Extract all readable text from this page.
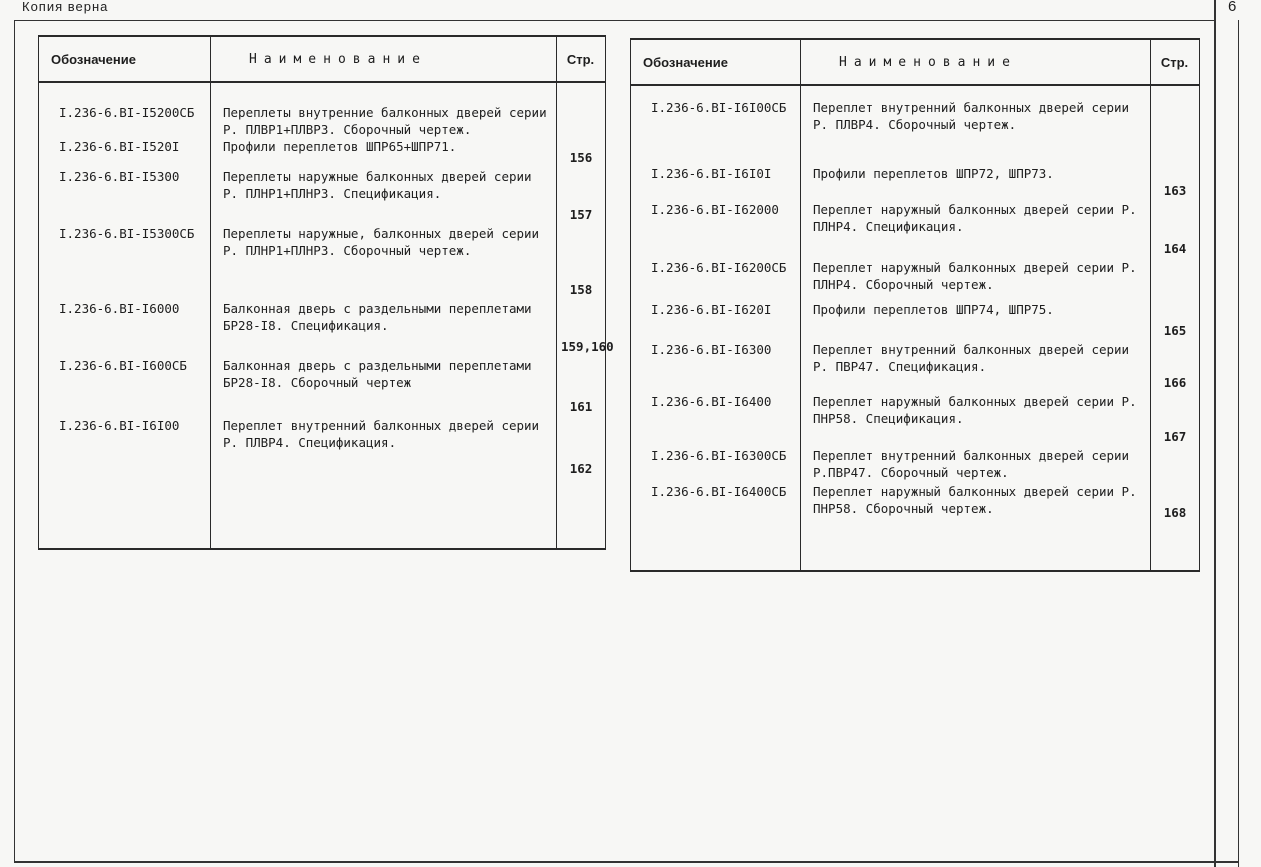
Копия верна	6
Обозначение	Наименование	Стр.

I.236-6.BI-I5200СБ	Переплеты внутренние балконных дверей серии Р. ПЛВР1+ПЛВР3. Сборочный чертеж.	
I.236-6.BI-I520I	Профили переплетов ШПР65+ШПР71.	156
I.236-6.BI-I5300	Переплеты наружные балконных дверей серии Р. ПЛНР1+ПЛНР3. Спецификация.	157
I.236-6.BI-I5300СБ	Переплеты наружные, балконных дверей серии Р. ПЛНР1+ПЛНР3. Сборочный чертеж.	158
I.236-6.BI-I6000	Балконная дверь с раздельными переплетами БР28-I8. Спецификация.	159,160
I.236-6.BI-I600СБ	Балконная дверь с раздельными переплетами БР28-I8. Сборочный чертеж	161
I.236-6.BI-I6I00	Переплет внутренний балконных дверей серии Р. ПЛВР4. Спецификация.	162

Обозначение	Наименование	Стр.

I.236-6.BI-I6I00СБ	Переплет внутренний балконных дверей серии Р. ПЛВР4. Сборочный чертеж.	
I.236-6.BI-I6I0I	Профили переплетов ШПР72, ШПР73.	163
I.236-6.BI-I62000	Переплет наружный балконных дверей серии Р. ПЛНР4. Спецификация.	164
I.236-6.BI-I6200СБ	Переплет наружный балконных дверей серии Р. ПЛНР4. Сборочный чертеж.	
I.236-6.BI-I620I	Профили переплетов ШПР74, ШПР75.	165
I.236-6.BI-I6300	Переплет внутренний балконных дверей серии Р. ПВР47. Спецификация.	166
I.236-6.BI-I6400	Переплет наружный балконных дверей серии Р. ПНР58. Спецификация.	167
I.236-6.BI-I6300СБ	Переплет внутренний балконных дверей серии Р.ПВР47. Сборочный чертеж.	
I.236-6.BI-I6400СБ	Переплет наружный балконных дверей серии Р. ПНР58. Сборочный чертеж.	168
